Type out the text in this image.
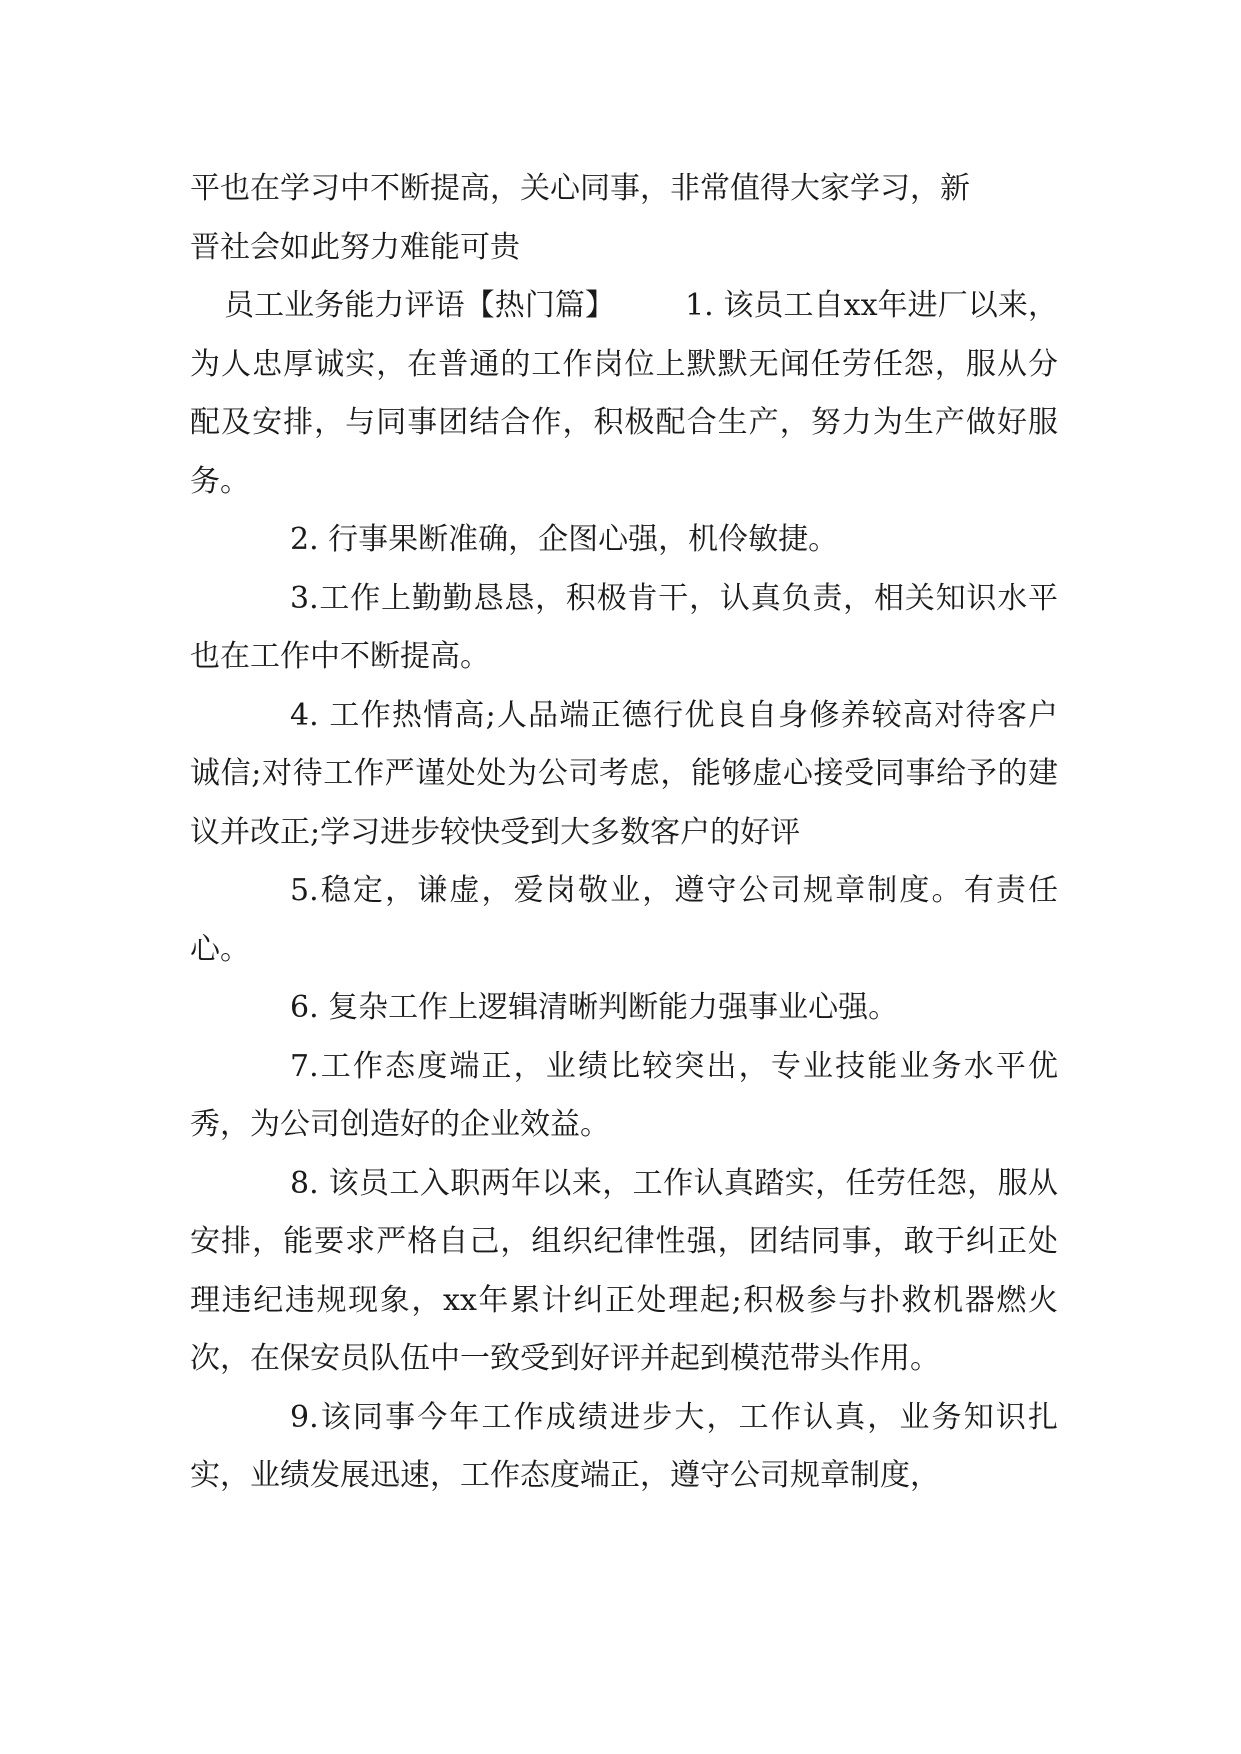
平也在学习中不断提高，关心同事，非常值得大家学习，新
晋社会如此努力难能可贵

员工业务能力评语【热门篇】 1. 该员工自xx年进厂以来，为人忠厚诚实，在普通的工作岗位上默默无闻任劳任怨，服从分配及安排，与同事团结合作，积极配合生产，努力为生产做好服务。

2. 行事果断准确，企图心强，机伶敏捷。

3.工作上勤勤恳恳，积极肯干，认真负责，相关知识水平也在工作中不断提高。

4. 工作热情高;人品端正德行优良自身修养较高对待客户诚信;对待工作严谨处处为公司考虑，能够虚心接受同事给予的建议并改正;学习进步较快受到大多数客户的好评

5.稳定，谦虚，爱岗敬业，遵守公司规章制度。有责任心。

6. 复杂工作上逻辑清晰判断能力强事业心强。

7.工作态度端正，业绩比较突出，专业技能业务水平优秀，为公司创造好的企业效益。

8. 该员工入职两年以来，工作认真踏实，任劳任怨，服从安排，能要求严格自己，组织纪律性强，团结同事，敢于纠正处理违纪违规现象，xx年累计纠正处理起;积极参与扑救机器燃火次，在保安员队伍中一致受到好评并起到模范带头作用。

9.该同事今年工作成绩进步大，工作认真，业务知识扎实，业绩发展迅速，工作态度端正，遵守公司规章制度，
